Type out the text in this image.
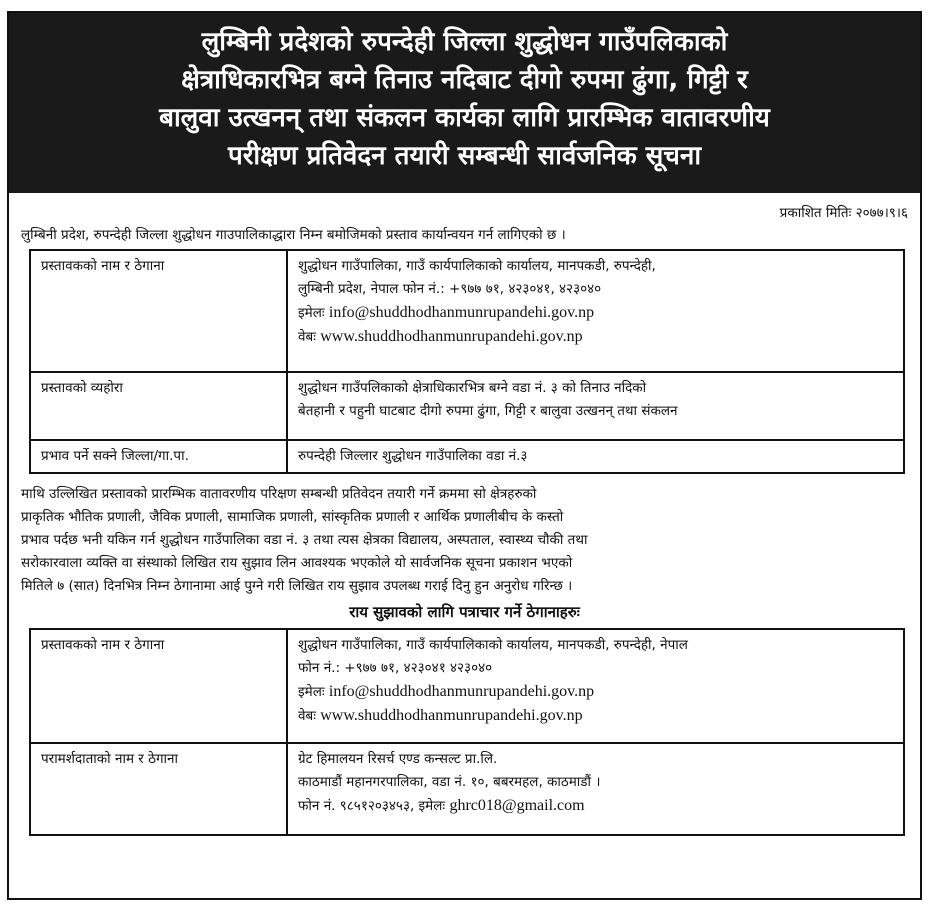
लुम्बिनी प्रदेशको रुपन्देही जिल्ला शुद्धोधन गाउँपलिकाको
क्षेत्राधिकारभित्र बग्ने तिनाउ नदिबाट दीगो रुपमा ढुंगा, गिट्टी र
बालुवा उत्खनन् तथा संकलन कार्यका लागि प्रारम्भिक वातावरणीय
परीक्षण प्रतिवेदन तयारी सम्बन्धी सार्वजनिक सूचना
प्रकाशित मितिः २०७७।९।६
लुम्बिनी प्रदेश, रुपन्देही जिल्ला शुद्धोधन गाउपालिकाद्धारा निम्न बमोजिमको प्रस्ताव कार्यान्वयन गर्न लागिएको छ ।
प्रस्तावकको नाम र ठेगाना	शुद्धोधन गाउँपालिका, गाउँ कार्यपालिकाको कार्यालय, मानपकडी, रुपन्देही,
लुम्बिनी प्रदेश, नेपाल फोन नं.: +९७७ ७१, ४२३०४१, ४२३०४०
इमेलः info@shuddhodhanmunrupandehi.gov.np
वेबः www.shuddhodhanmunrupandehi.gov.np

प्रस्तावको व्यहोरा	शुद्धोधन गाउँपलिकाको क्षेत्राधिकारभित्र बग्ने वडा नं. ३ को तिनाउ नदिको
बेतहानी र पहुनी घाटबाट दीगो रुपमा ढुंगा, गिट्टी र बालुवा उत्खनन् तथा संकलन

प्रभाव पर्ने सक्ने जिल्ला/गा.पा.	रुपन्देही जिल्लार शुद्धोधन गाउँपालिका वडा नं.३
माथि उल्लिखित प्रस्तावको प्रारम्भिक वातावरणीय परिक्षण सम्बन्धी प्रतिवेदन तयारी गर्ने क्रममा सो क्षेत्रहरुको
प्राकृतिक भौतिक प्रणाली, जैविक प्रणाली, सामाजिक प्रणाली, सांस्कृतिक प्रणाली र आर्थिक प्रणालीबीच के कस्तो
प्रभाव पर्दछ भनी यकिन गर्न शुद्धोधन गाउँपालिका वडा नं. ३ तथा त्यस क्षेत्रका विद्यालय, अस्पताल, स्वास्थ्य चौकी तथा
सरोकारवाला व्यक्ति वा संस्थाको लिखित राय सुझाव लिन आवश्यक भएकोले यो सार्वजनिक सूचना प्रकाशन भएको
मितिले ७ (सात) दिनभित्र निम्न ठेगानामा आई पुग्ने गरी लिखित राय सुझाव उपलब्ध गराई दिनु हुन अनुरोध गरिन्छ ।
राय सुझावको लागि पत्राचार गर्ने ठेगानाहरुः
प्रस्तावकको नाम र ठेगाना	शुद्धोधन गाउँपालिका, गाउँ कार्यपालिकाको कार्यालय, मानपकडी, रुपन्देही, नेपाल
फोन नं.: +९७७ ७१, ४२३०४१ ४२३०४०
इमेलः info@shuddhodhanmunrupandehi.gov.np
वेबः www.shuddhodhanmunrupandehi.gov.np

परामर्शदाताको नाम र ठेगाना	ग्रेट हिमालयन रिसर्च एण्ड कन्सल्ट प्रा.लि.
काठमाडौं महानगरपालिका, वडा नं. १०, बबरमहल, काठमाडौं ।
फोन नं. ९८५१२०३४५३, इमेलः ghrc018@gmail.com
